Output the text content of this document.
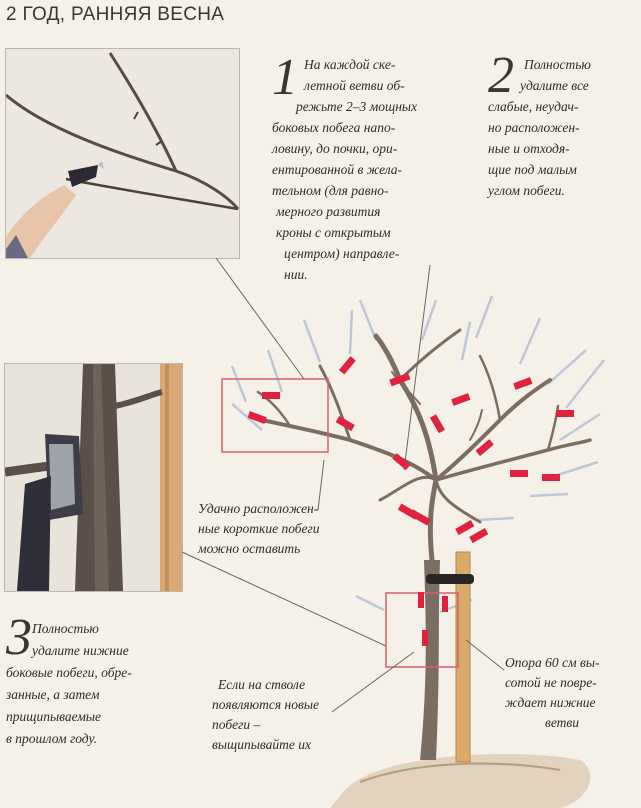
2 ГОД, РАННЯЯ ВЕСНА
1 На каждой ске-
летной ветви об-
режьте 2–3 мощных
боковых побега напо-
ловину, до почки, ори-
ентированной в жела-
тельном (для равно-
мерного развития
кроны с открытым
центром) направле-
нии.
2 Полностью
удалите все
слабые, неудач-
но расположен-
ные и отходя-
щие под малым
углом побеги.
3 Полностью
удалите нижние
боковые побеги, обре-
занные, а затем
прищипываемые
в прошлом году.
Удачно расположен-
ные короткие побеги
можно оставить
Если на стволе
появляются новые
побеги –
выщипывайте их
Опора 60 см вы-
сотой не повре-
ждает нижние
ветви
